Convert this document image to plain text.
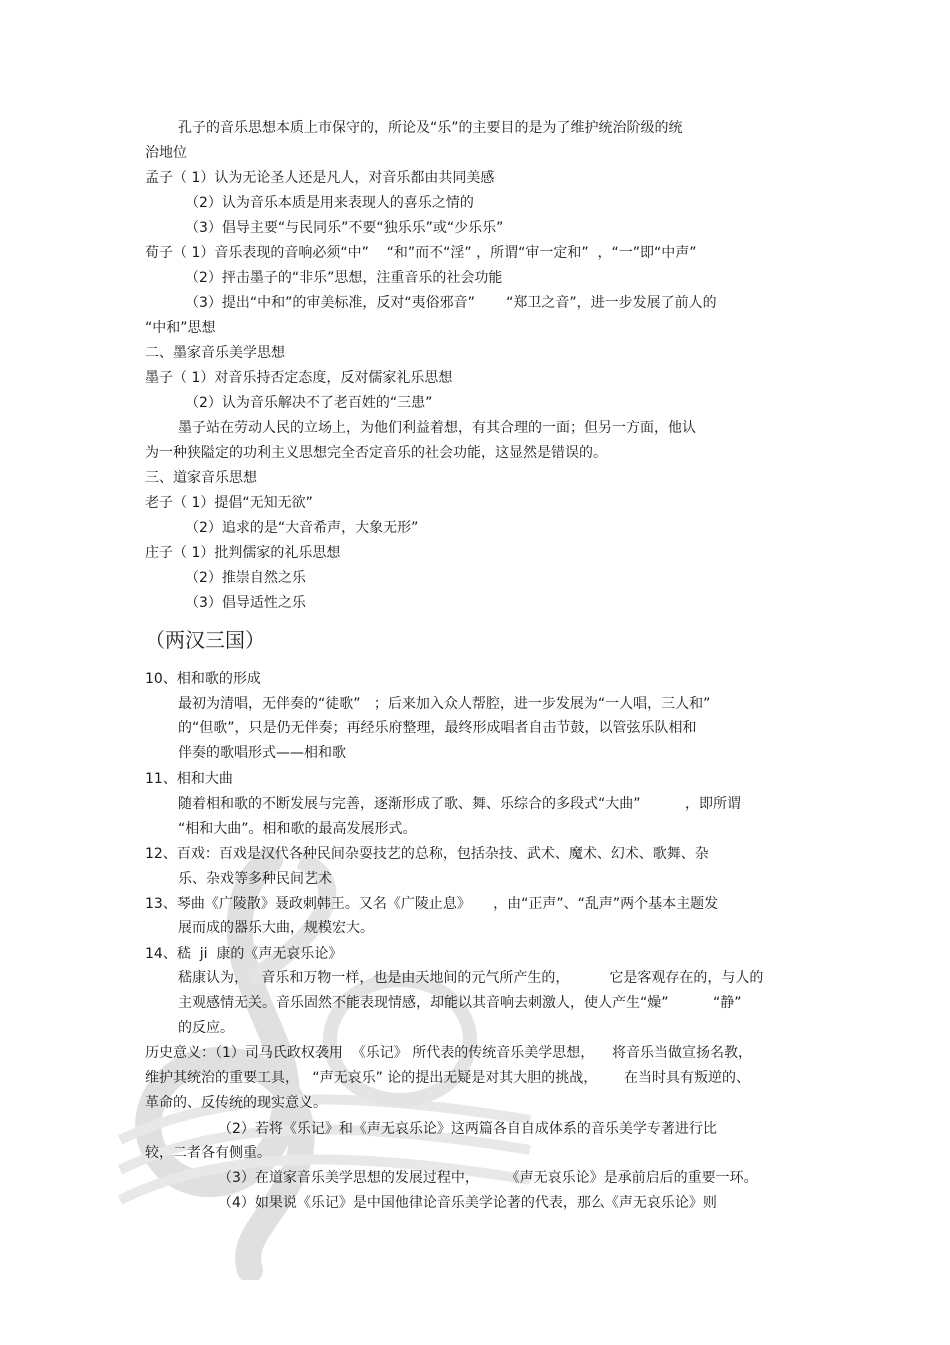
孔子的音乐思想本质上市保守的，所论及“乐”的主要目的是为了维护统治阶级的统
治地位
孟子（ 1）认为无论圣人还是凡人，对音乐都由共同美感
（2）认为音乐本质是用来表现人的喜乐之情的
（3）倡导主要“与民同乐”不要“独乐乐”或“少乐乐”
荀子（ 1）音乐表现的音响必须“中”    “和”而不“淫” ，所谓“审一定和”  ，“一”即“中声”
（2）抨击墨子的“非乐”思想，注重音乐的社会功能
（3）提出“中和”的审美标准，反对“夷俗邪音”       “郑卫之音”，进一步发展了前人的
“中和”思想
二、墨家音乐美学思想
墨子（ 1）对音乐持否定态度，反对儒家礼乐思想
（2）认为音乐解决不了老百姓的“三患”
墨子站在劳动人民的立场上，为他们利益着想，有其合理的一面；但另一方面，他认
为一种狭隘定的功利主义思想完全否定音乐的社会功能，这显然是错误的。
三、道家音乐思想
老子（ 1）提倡“无知无欲”
（2）追求的是“大音希声，大象无形”
庄子（ 1）批判儒家的礼乐思想
（2）推崇自然之乐
（3）倡导适性之乐
（两汉三国）
10、相和歌的形成
最初为清唱，无伴奏的“徒歌”   ；后来加入众人帮腔，进一步发展为“一人唱，三人和”
的“但歌”，只是仍无伴奏；再经乐府整理，最终形成唱者自击节鼓，以管弦乐队相和
伴奏的歌唱形式——相和歌
11、相和大曲
随着相和歌的不断发展与完善，逐渐形成了歌、舞、乐综合的多段式“大曲”          ，即所谓
“相和大曲”。相和歌的最高发展形式。
12、百戏：百戏是汉代各种民间杂耍技艺的总称，包括杂技、武术、魔术、幻术、歌舞、杂
乐、杂戏等多种民间艺术
13、琴曲《广陵散》聂政刺韩王。又名《广陵止息》     ，由“正声”、“乱声”两个基本主题发
展而成的器乐大曲，规模宏大。
14、嵇  ji  康的《声无哀乐论》
嵇康认为，   音乐和万物一样，也是由天地间的元气所产生的，         它是客观存在的，与人的
主观感情无关。音乐固然不能表现情感，却能以其音响去刺激人，使人产生“燥”          “静”
的反应。
历史意义：（1）司马氏政权袭用  《乐记》 所代表的传统音乐美学思想，    将音乐当做宣扬名教，
维护其统治的重要工具，   “声无哀乐” 论的提出无疑是对其大胆的挑战，      在当时具有叛逆的、
革命的、反传统的现实意义。
（2）若将《乐记》和《声无哀乐论》这两篇各自自成体系的音乐美学专著进行比
较，二者各有侧重。
（3）在道家音乐美学思想的发展过程中，      《声无哀乐论》是承前启后的重要一环。
（4）如果说《乐记》是中国他律论音乐美学论著的代表，那么《声无哀乐论》则
